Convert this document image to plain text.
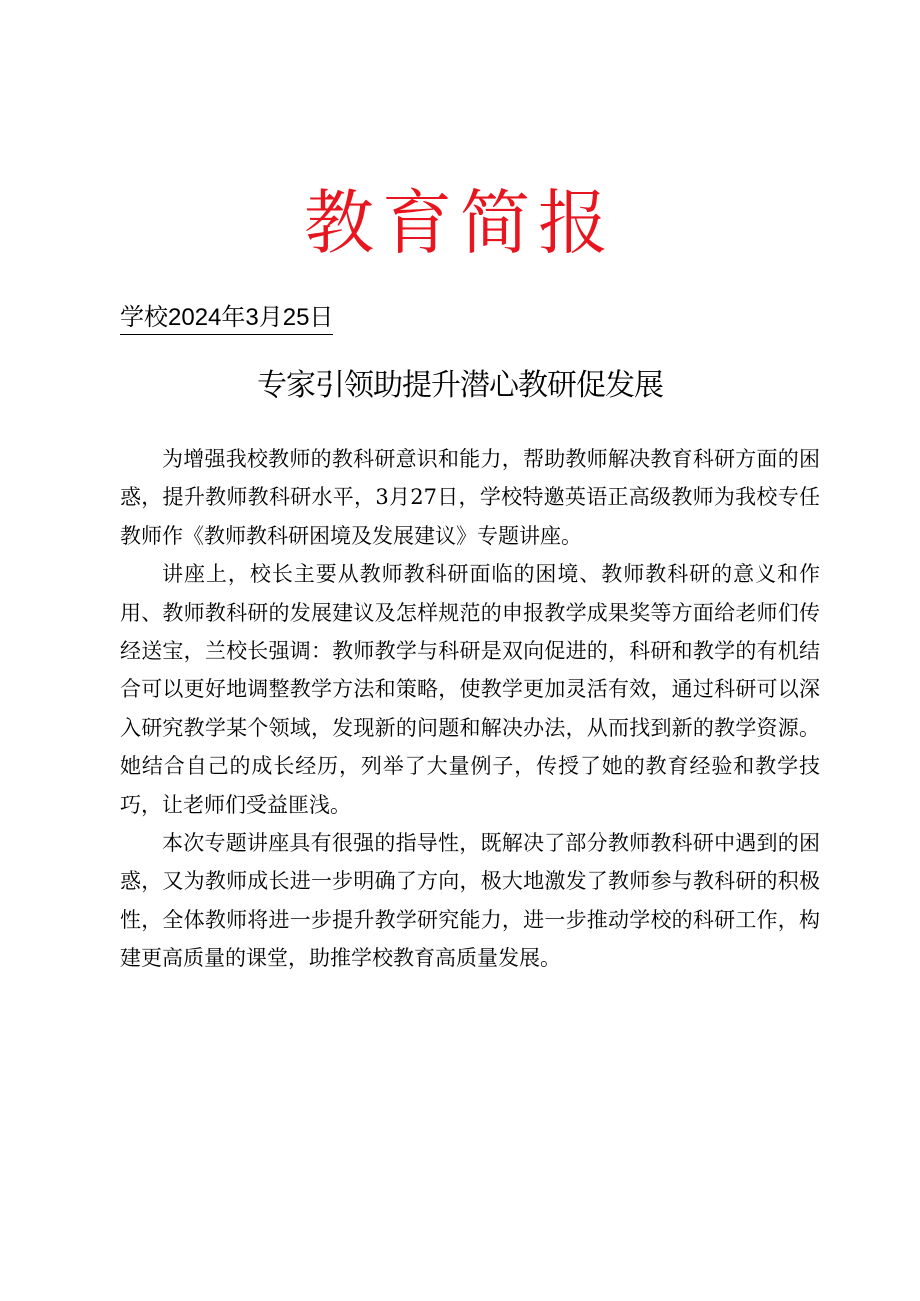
教育简报
学校2024年3月25日
专家引领助提升潜心教研促发展

为增强我校教师的教科研意识和能力，帮助教师解决教育科研方面的困惑，提升教师教科研水平，3月27日，学校特邀英语正高级教师为我校专任教师作《教师教科研困境及发展建议》专题讲座。

讲座上，校长主要从教师教科研面临的困境、教师教科研的意义和作用、教师教科研的发展建议及怎样规范的申报教学成果奖等方面给老师们传经送宝，兰校长强调：教师教学与科研是双向促进的，科研和教学的有机结合可以更好地调整教学方法和策略，使教学更加灵活有效，通过科研可以深入研究教学某个领域，发现新的问题和解决办法，从而找到新的教学资源。她结合自己的成长经历，列举了大量例子，传授了她的教育经验和教学技巧，让老师们受益匪浅。

本次专题讲座具有很强的指导性，既解决了部分教师教科研中遇到的困惑，又为教师成长进一步明确了方向，极大地激发了教师参与教科研的积极性，全体教师将进一步提升教学研究能力，进一步推动学校的科研工作，构建更高质量的课堂，助推学校教育高质量发展。
